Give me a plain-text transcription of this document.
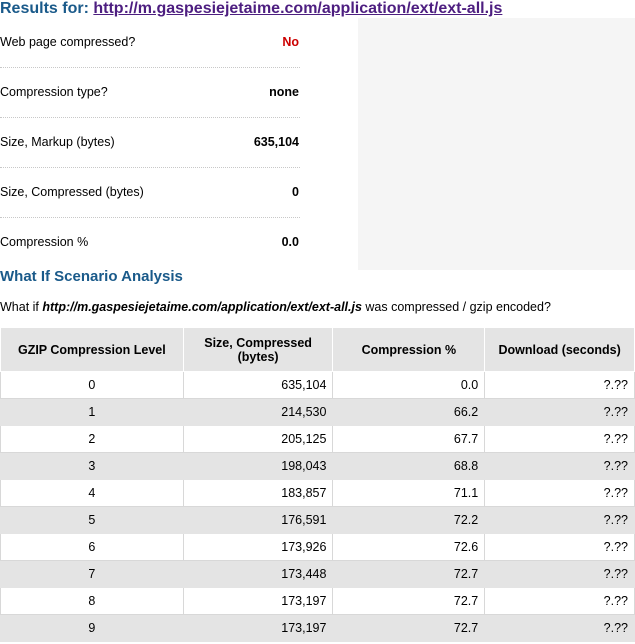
Results for: http://m.gaspesiejetaime.com/application/ext/ext-all.js
Web page compressed?	No
Compression type?	none
Size, Markup (bytes)	635,104
Size, Compressed (bytes)	0
Compression %	0.0
What If Scenario Analysis
What if http://m.gaspesiejetaime.com/application/ext/ext-all.js was compressed / gzip encoded?
GZIP Compression Level	Size, Compressed (bytes)	Compression %	Download (seconds)
0	635,104	0.0	?.??
1	214,530	66.2	?.??
2	205,125	67.7	?.??
3	198,043	68.8	?.??
4	183,857	71.1	?.??
5	176,591	72.2	?.??
6	173,926	72.6	?.??
7	173,448	72.7	?.??
8	173,197	72.7	?.??
9	173,197	72.7	?.??
